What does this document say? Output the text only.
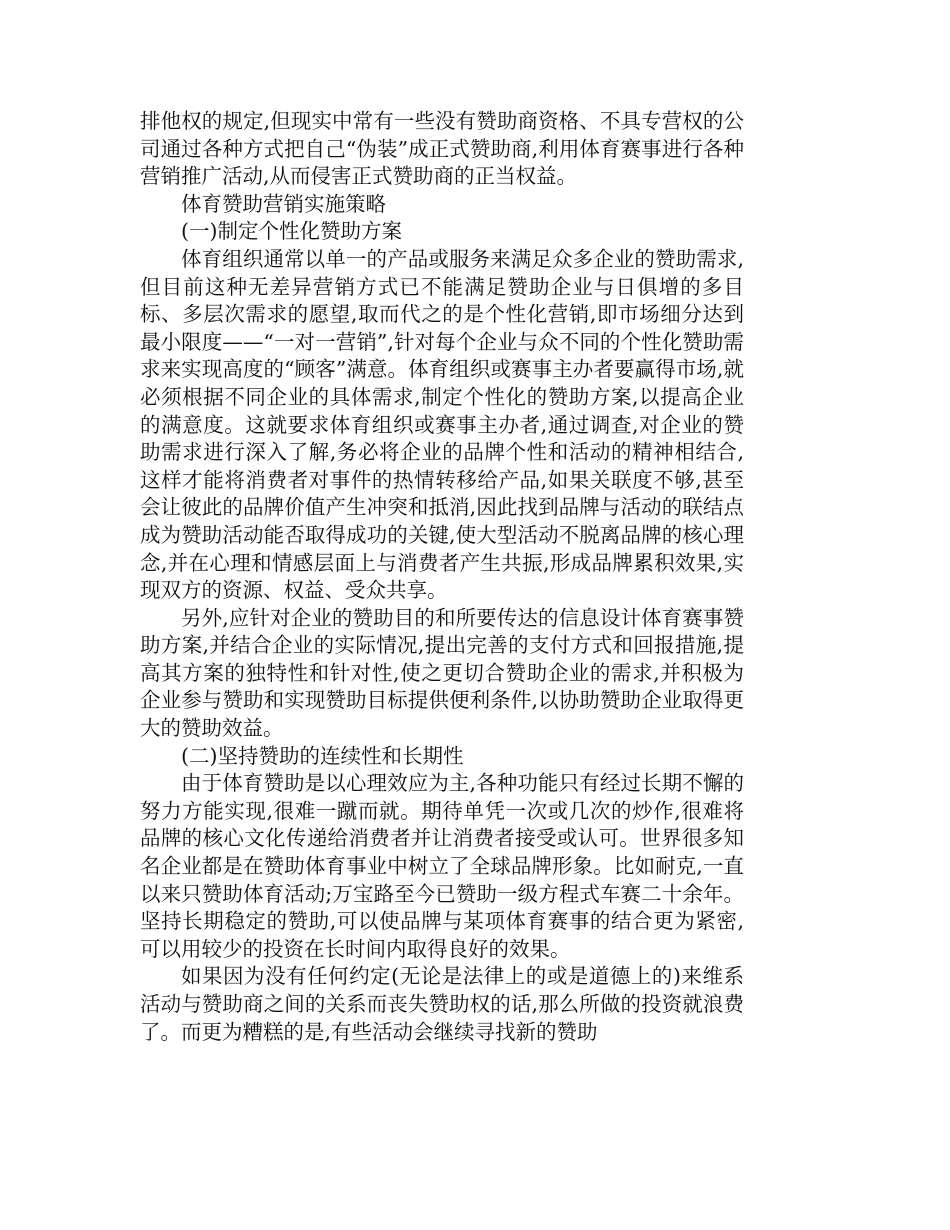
排他权的规定,但现实中常有一些没有赞助商资格、不具专营权的公司通过各种方式把自己“伪装”成正式赞助商,利用体育赛事进行各种营销推广活动,从而侵害正式赞助商的正当权益。

体育赞助营销实施策略

(一)制定个性化赞助方案

体育组织通常以单一的产品或服务来满足众多企业的赞助需求,但目前这种无差异营销方式已不能满足赞助企业与日俱增的多目标、多层次需求的愿望,取而代之的是个性化营销,即市场细分达到最小限度——“一对一营销”,针对每个企业与众不同的个性化赞助需求来实现高度的“顾客”满意。体育组织或赛事主办者要赢得市场,就必须根据不同企业的具体需求,制定个性化的赞助方案,以提高企业的满意度。这就要求体育组织或赛事主办者,通过调查,对企业的赞助需求进行深入了解,务必将企业的品牌个性和活动的精神相结合,这样才能将消费者对事件的热情转移给产品,如果关联度不够,甚至会让彼此的品牌价值产生冲突和抵消,因此找到品牌与活动的联结点成为赞助活动能否取得成功的关键,使大型活动不脱离品牌的核心理念,并在心理和情感层面上与消费者产生共振,形成品牌累积效果,实现双方的资源、权益、受众共享。

另外,应针对企业的赞助目的和所要传达的信息设计体育赛事赞助方案,并结合企业的实际情况,提出完善的支付方式和回报措施,提高其方案的独特性和针对性,使之更切合赞助企业的需求,并积极为企业参与赞助和实现赞助目标提供便利条件,以协助赞助企业取得更大的赞助效益。

(二)坚持赞助的连续性和长期性

由于体育赞助是以心理效应为主,各种功能只有经过长期不懈的努力方能实现,很难一蹴而就。期待单凭一次或几次的炒作,很难将品牌的核心文化传递给消费者并让消费者接受或认可。世界很多知名企业都是在赞助体育事业中树立了全球品牌形象。比如耐克,一直以来只赞助体育活动;万宝路至今已赞助一级方程式车赛二十余年。坚持长期稳定的赞助,可以使品牌与某项体育赛事的结合更为紧密,可以用较少的投资在长时间内取得良好的效果。

如果因为没有任何约定(无论是法律上的或是道德上的)来维系活动与赞助商之间的关系而丧失赞助权的话,那么所做的投资就浪费了。而更为糟糕的是,有些活动会继续寻找新的赞助
